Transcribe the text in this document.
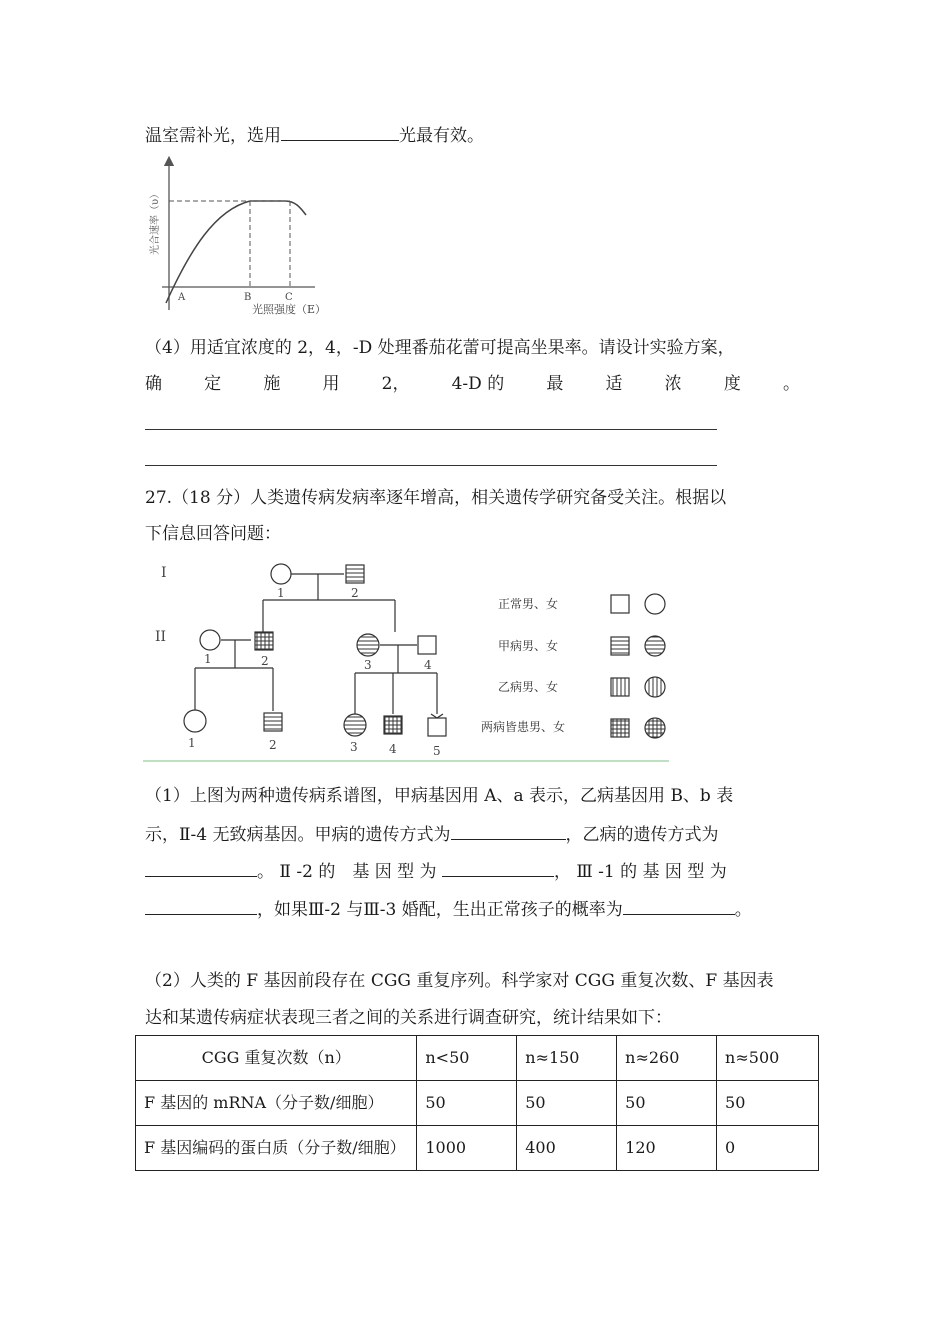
温室需补光，选用	光最有效。
A	B	C
光照强度（E）
光合速率（υ）
（4）用适宜浓度的 2，4，-D 处理番茄花蕾可提高坐果率。请设计实验方案，
确 定 施 用 2， 4-D 的 最 适 浓 度 。
27.（18 分）人类遗传病发病率逐年增高，相关遗传学研究备受关注。根据以
下信息回答问题：
I
II
1	2
1	2	3	4
1	2	3	4	5
正常男、女
甲病男、女
乙病男、女
两病皆患男、女
（1）上图为两种遗传病系谱图，甲病基因用 A、a 表示，乙病基因用 B、b 表
示，Ⅱ-4 无致病基因。甲病的遗传方式为	，乙病的遗传方式为
。 Ⅱ -2 的　基 因 型 为	， Ⅲ -1 的 基 因 型 为
，如果Ⅲ-2 与Ⅲ-3 婚配，生出正常孩子的概率为	。
（2）人类的 F 基因前段存在 CGG 重复序列。科学家对 CGG 重复次数、F 基因表
达和某遗传病症状表现三者之间的关系进行调查研究，统计结果如下：
CGG 重复次数（n）	n<50	n≈150	n≈260	n≈500
F 基因的 mRNA（分子数/细胞）	50	50	50	50
F 基因编码的蛋白质（分子数/细胞）	1000	400	120	0
